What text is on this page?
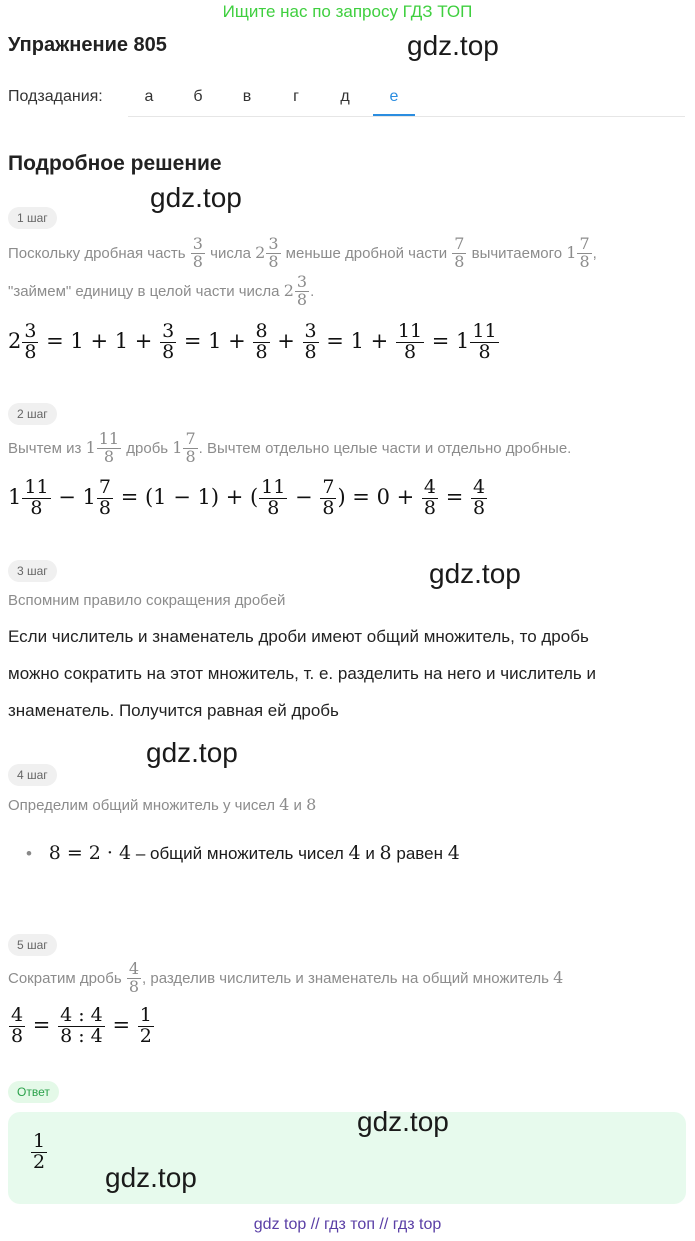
Ищите нас по запросу ГДЗ ТОП
Упражнение 805	gdz.top
Подзадания:	а	б	в	г	д	е
Подробное решение
gdz.top
1 шаг
Поскольку дробная часть $\frac{3}{8}$ числа $2 \frac{3}{8}$ меньше дробной части $\frac{7}{8}$ вычитаемого $1 \frac{7}{8}$ ,
"займем" единицу в целой части числа $2 \frac{3}{8}$ .
$2 \frac{3}{8} = 1 + 1 + \frac{3}{8} = 1 + \frac{8}{8} + \frac{3}{8} = 1 + \frac{11}{8} = 1 \frac{11}{8}$
2 шаг
Вычтем из $1 \frac{11}{8}$ дробь $1 \frac{7}{8}$ . Вычтем отдельно целые части и отдельно дробные.
$1 \frac{11}{8} - 1 \frac{7}{8} = (1 - 1)$ + ( $\frac{11}{8} - \frac{7}{8}$ ) = $0 + \frac{4}{8} = \frac{4}{8}$
3 шаг	gdz.top
Вспомним правило сокращения дробей
Если числитель и знаменатель дроби имеют общий множитель, то дробь
можно сократить на этот множитель, т. е. разделить на него и числитель и
знаменатель. Получится равная ей дробь
gdz.top
4 шаг
Определим общий множитель у чисел 4 и 8
• 8 = 2 · 4 – общий множитель чисел 4 и 8 равен 4
5 шаг
Сократим дробь $\frac{4}{8}$ , разделив числитель и знаменатель на общий множитель 4
$\frac{4}{8} = \frac{4 : 4}{8 : 4} = \frac{1}{2}$
Ответ
$\frac{1}{2}$
gdz.top
gdz.top
gdz top // гдз топ // гдз top
